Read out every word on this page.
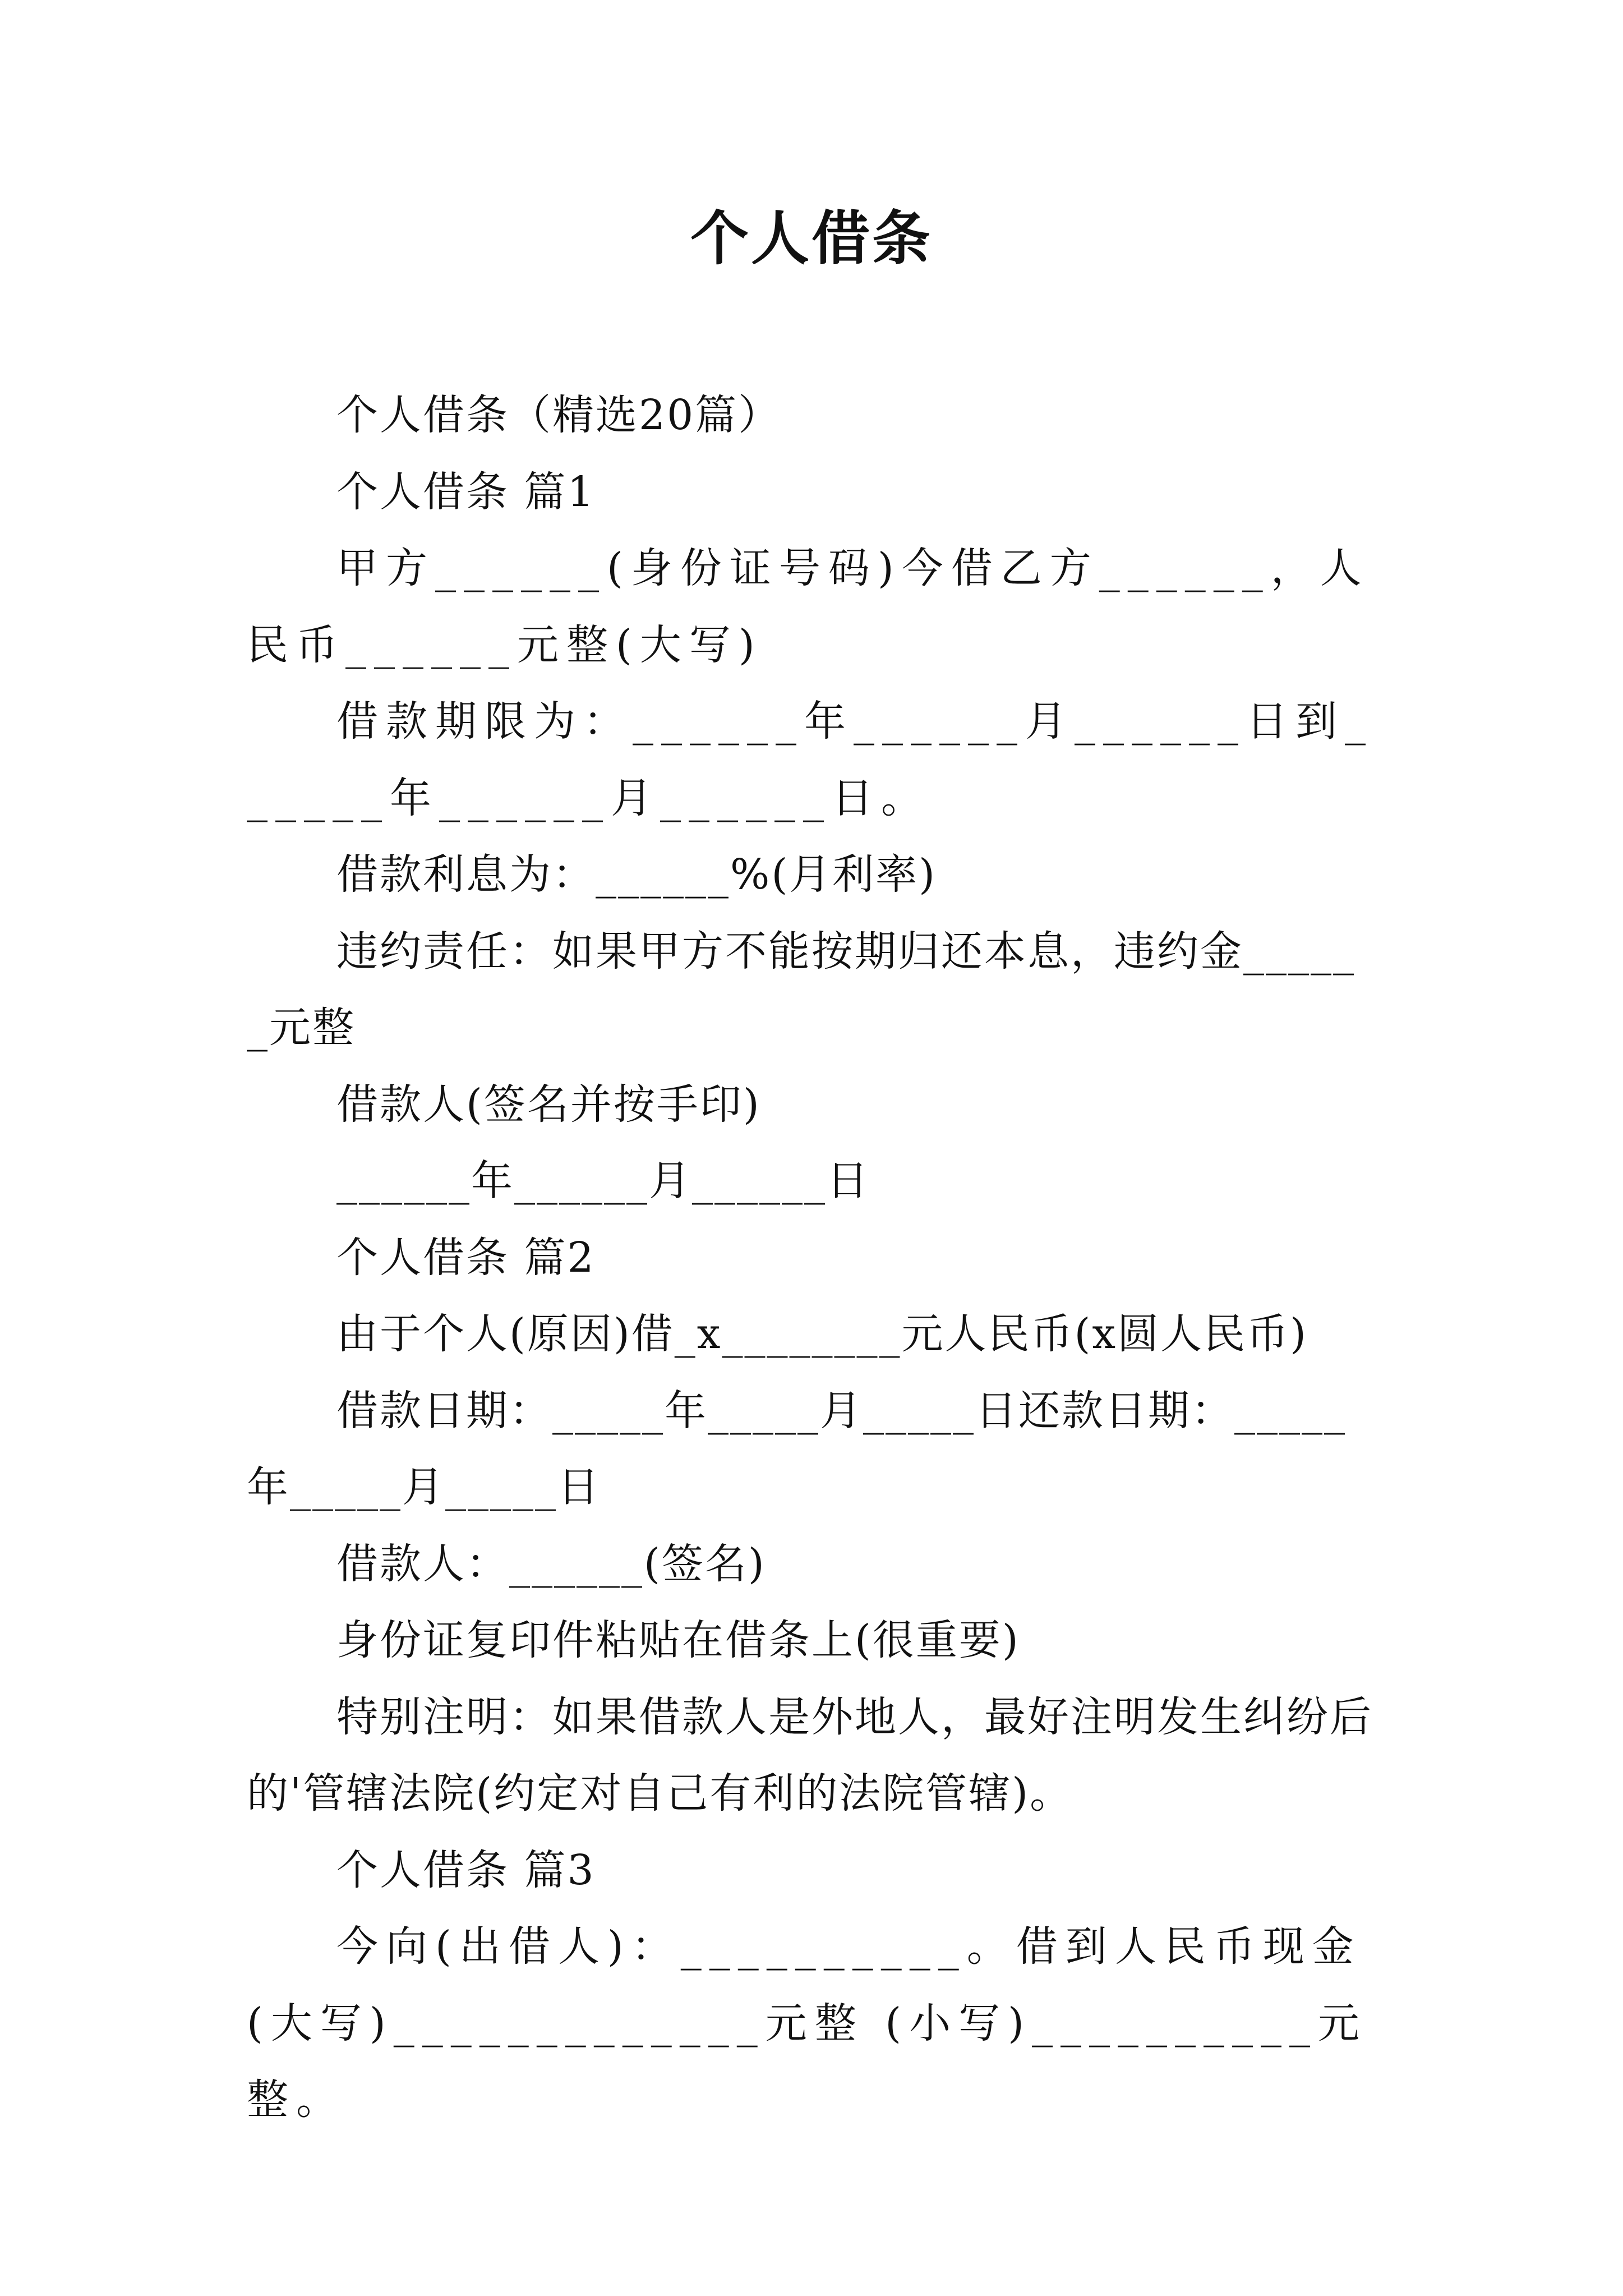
个人借条

个人借条（精选20篇）

个人借条 篇1

甲方______(身份证号码)今借乙方______，人民币______元整(大写)

借款期限为：______年______月______日到______年______月______日。

借款利息为：______%(月利率)

违约责任：如果甲方不能按期归还本息，违约金______元整

借款人(签名并按手印)

______年______月______日

个人借条 篇2

由于个人(原因)借_x________元人民币(x圆人民币)

借款日期：_____年_____月_____日还款日期：_____年_____月_____日

借款人：______(签名)

身份证复印件粘贴在借条上(很重要)

特别注明：如果借款人是外地人，最好注明发生纠纷后的'管辖法院(约定对自己有利的法院管辖)。

个人借条 篇3

今向(出借人)：__________。借到人民币现金(大写)_____________元整 (小写)__________元整。
